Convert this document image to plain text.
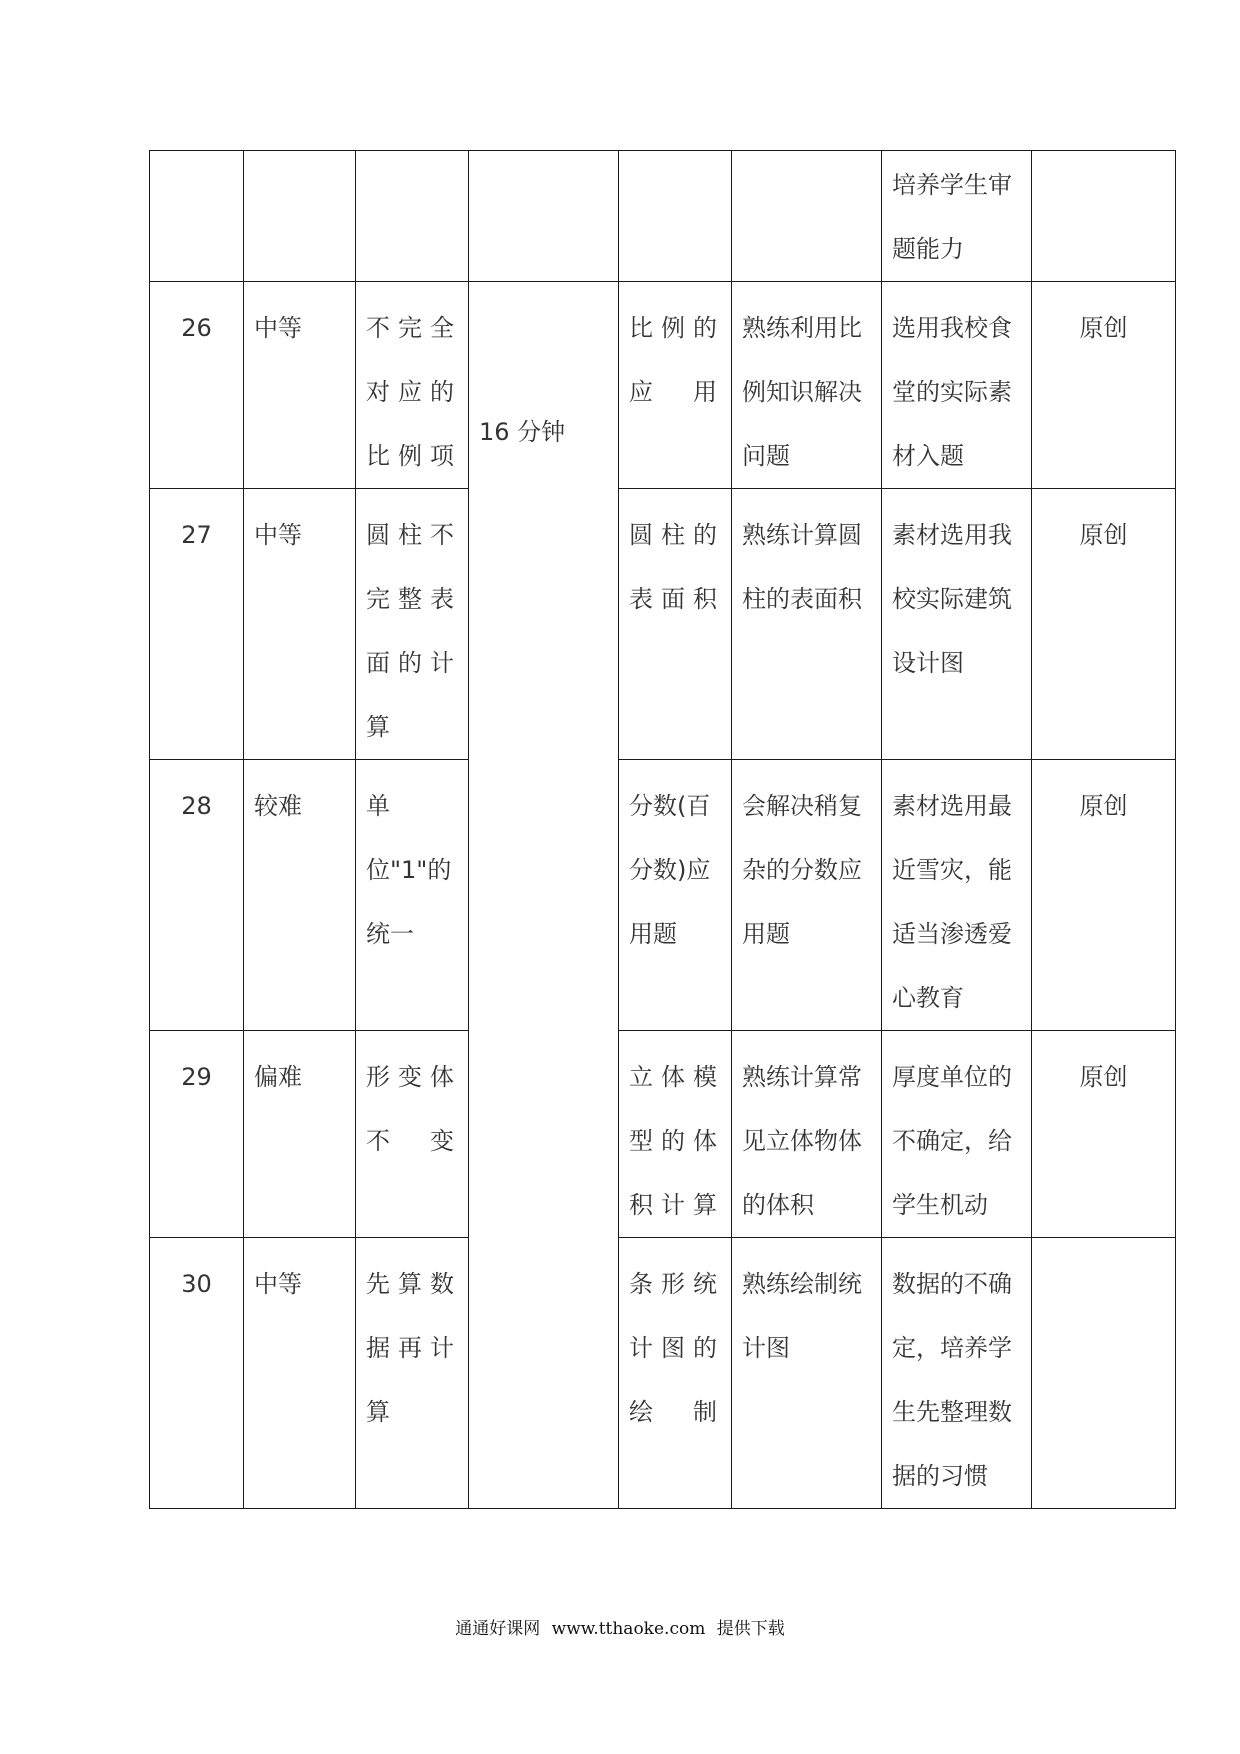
						培养学生审题能力	

26	中等	不完全对应的比例项	16 分钟	比例的应用	熟练利用比例知识解决问题	选用我校食堂的实际素材入题	原创
27	中等	圆柱不完整表面的计算		圆柱的表面积	熟练计算圆柱的表面积	素材选用我校实际建筑设计图	原创
28	较难	单位"1"的统一		分数(百分数)应用题	会解决稍复杂的分数应用题	素材选用最近雪灾，能适当渗透爱心教育	原创
29	偏难	形变体不变		立体模型的体积计算	熟练计算常见立体物体的体积	厚度单位的不确定，给学生机动	原创
30	中等	先算数据再计算		条形统计图的绘制	熟练绘制统计图	数据的不确定，培养学生先整理数据的习惯	
通通好课网 www.tthaoke.com 提供下载
